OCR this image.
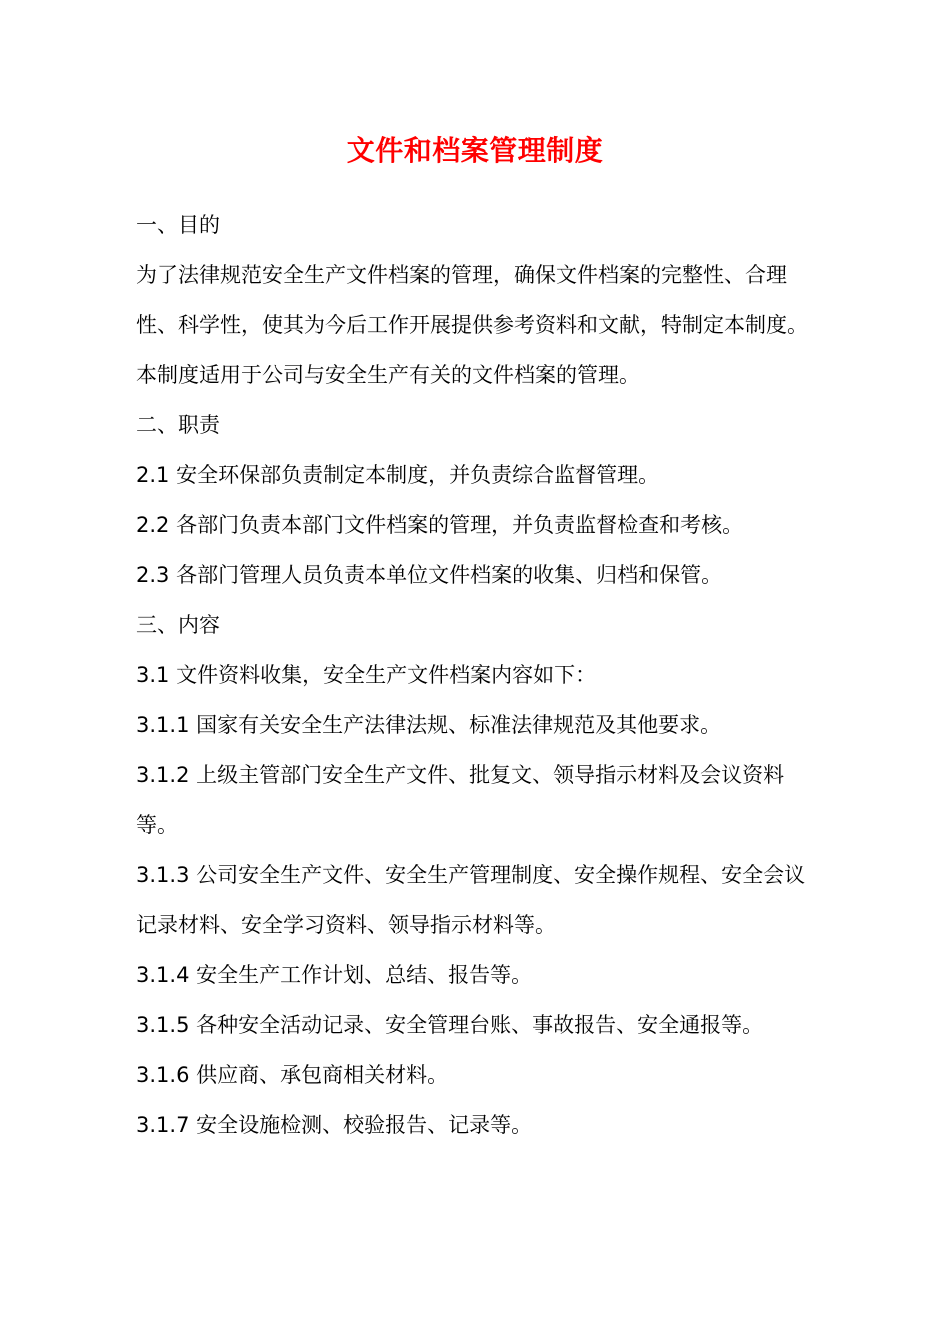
文件和档案管理制度

一、目的

为了法律规范安全生产文件档案的管理，确保文件档案的完整性、合理性、科学性，使其为今后工作开展提供参考资料和文献，特制定本制度。

本制度适用于公司与安全生产有关的文件档案的管理。

二、职责

2.1 安全环保部负责制定本制度，并负责综合监督管理。

2.2 各部门负责本部门文件档案的管理，并负责监督检查和考核。

2.3 各部门管理人员负责本单位文件档案的收集、归档和保管。

三、内容

3.1 文件资料收集，安全生产文件档案内容如下：

3.1.1 国家有关安全生产法律法规、标准法律规范及其他要求。

3.1.2 上级主管部门安全生产文件、批复文、领导指示材料及会议资料等。

3.1.3 公司安全生产文件、安全生产管理制度、安全操作规程、安全会议记录材料、安全学习资料、领导指示材料等。

3.1.4 安全生产工作计划、总结、报告等。

3.1.5 各种安全活动记录、安全管理台账、事故报告、安全通报等。

3.1.6 供应商、承包商相关材料。

3.1.7 安全设施检测、校验报告、记录等。
